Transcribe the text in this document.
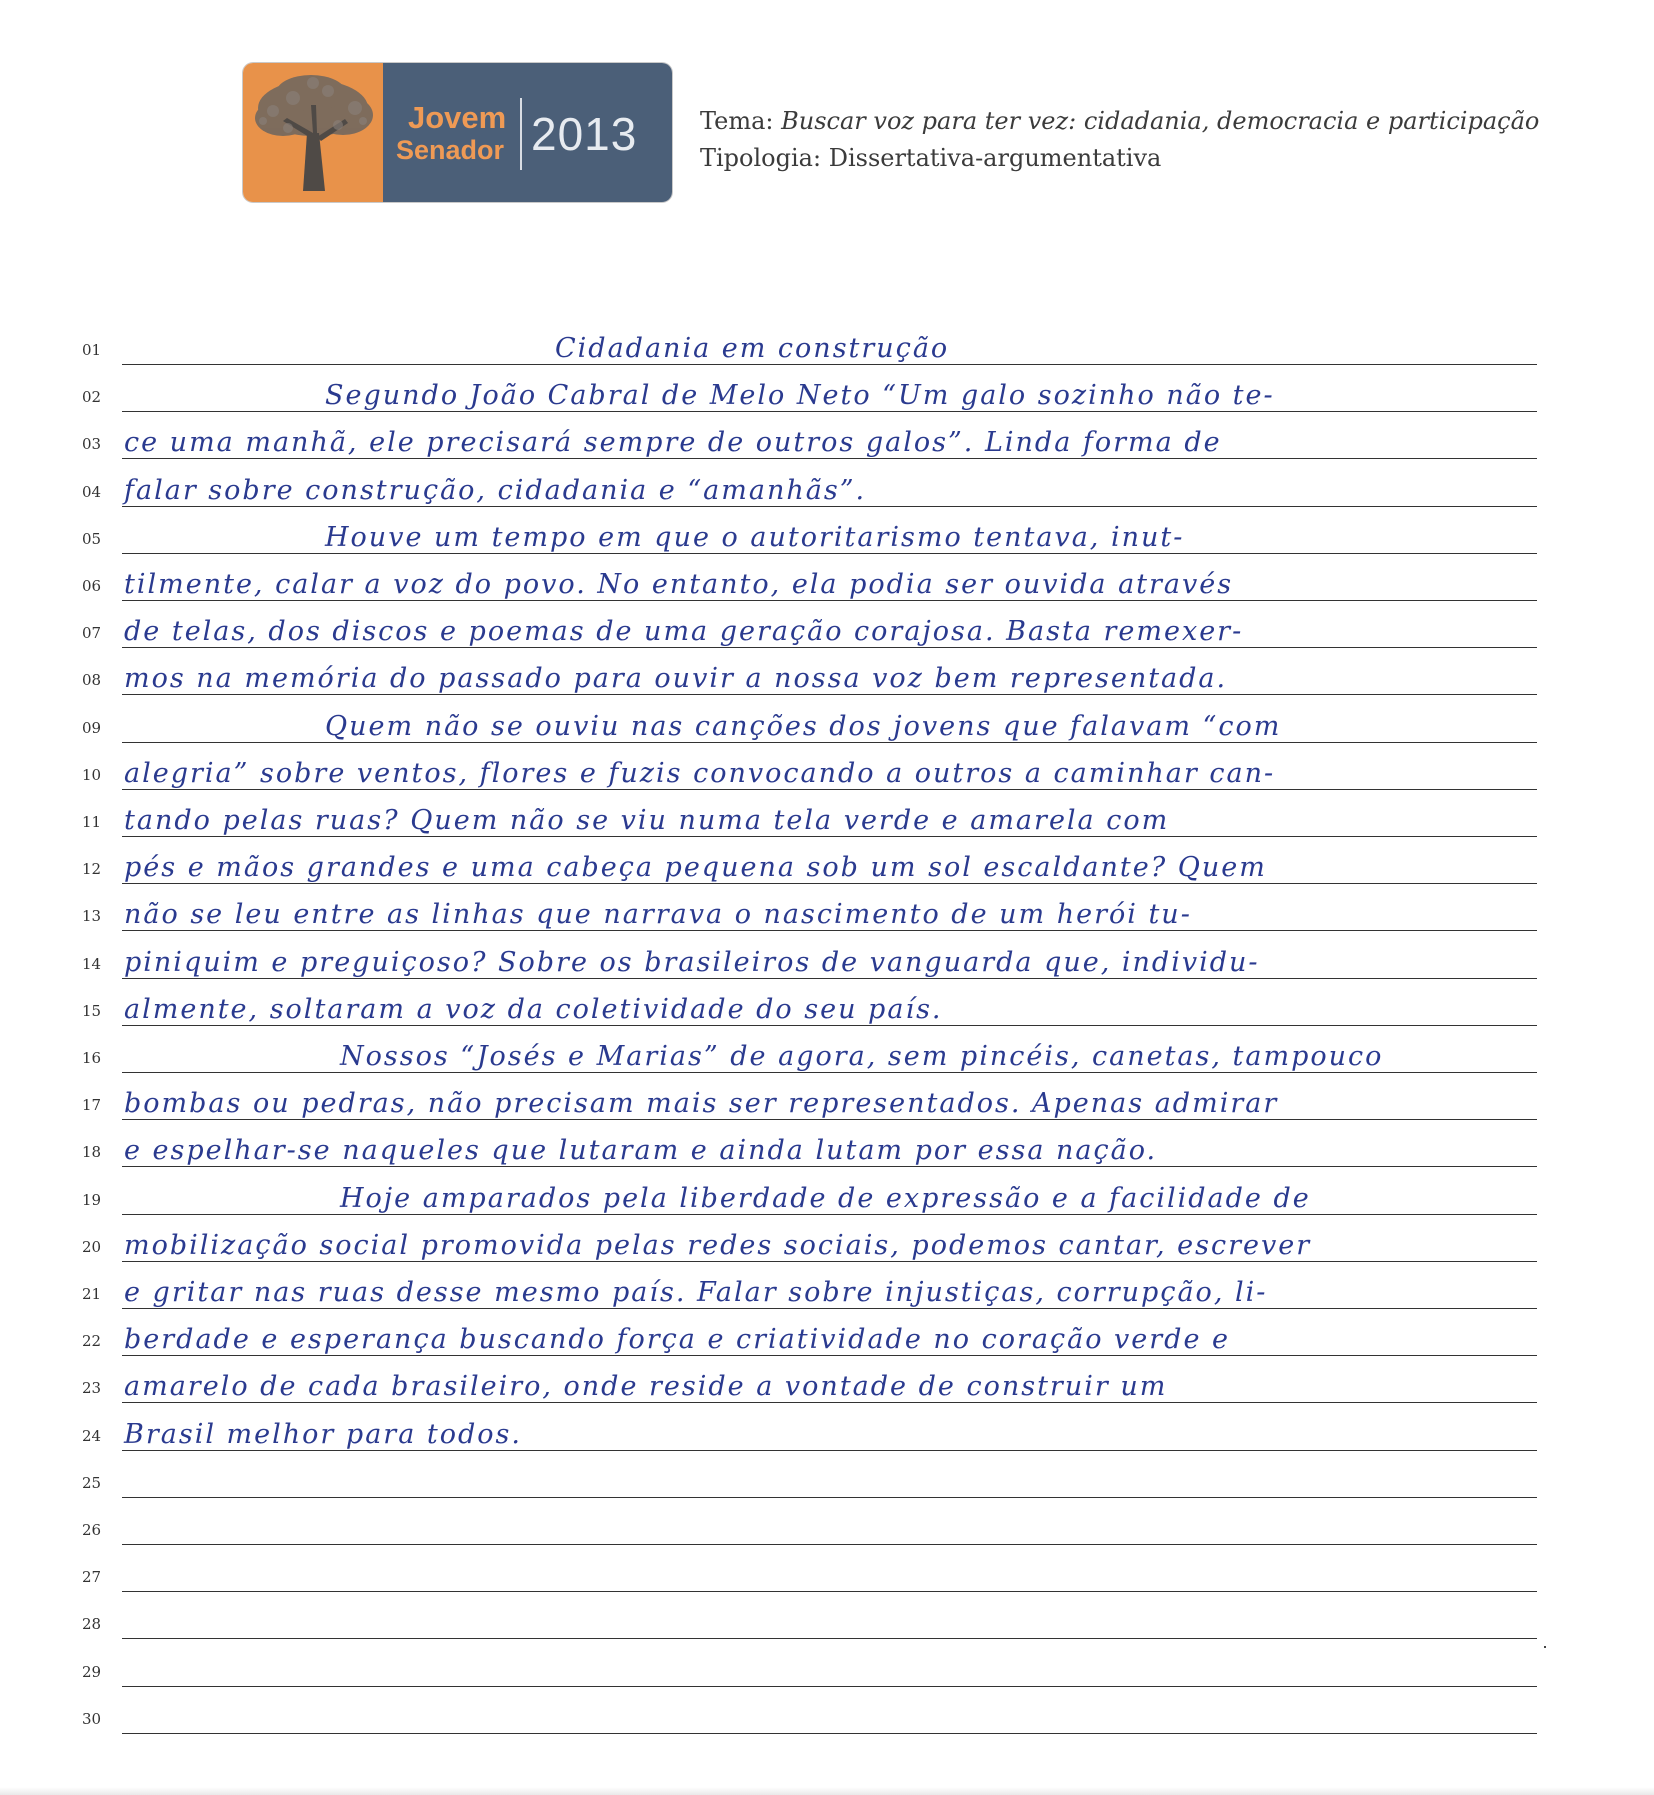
Jovem
Senador 2013	Tema: Buscar voz para ter vez: cidadania, democracia e participação
Tipologia: Dissertativa-argumentativa
01	Cidadania em construção
02	Segundo João Cabral de Melo Neto “Um galo sozinho não te-
03 ce uma manhã, ele precisará sempre de outros galos”. Linda forma de
04 falar sobre construção, cidadania e “amanhãs”.
05	Houve um tempo em que o autoritarismo tentava, inut-
06 tilmente, calar a voz do povo. No entanto, ela podia ser ouvida através
07 de telas, dos discos e poemas de uma geração corajosa. Basta remexer-
08 mos na memória do passado para ouvir a nossa voz bem representada.
09	Quem não se ouviu nas canções dos jovens que falavam “com
10 alegria” sobre ventos, flores e fuzis convocando a outros a caminhar can-
11 tando pelas ruas? Quem não se viu numa tela verde e amarela com
12 pés e mãos grandes e uma cabeça pequena sob um sol escaldante? Quem
13 não se leu entre as linhas que narrava o nascimento de um herói tu-
14 piniquim e preguiçoso? Sobre os brasileiros de vanguarda que, individu-
15 almente, soltaram a voz da coletividade do seu país.
16	Nossos “Josés e Marias” de agora, sem pincéis, canetas, tampouco
17 bombas ou pedras, não precisam mais ser representados. Apenas admirar
18 e espelhar-se naqueles que lutaram e ainda lutam por essa nação.
19	Hoje amparados pela liberdade de expressão e a facilidade de
20 mobilização social promovida pelas redes sociais, podemos cantar, escrever
21 e gritar nas ruas desse mesmo país. Falar sobre injustiças, corrupção, li-
22 berdade e esperança buscando força e criatividade no coração verde e
23 amarelo de cada brasileiro, onde reside a vontade de construir um
24 Brasil melhor para todos.
25
26
27
28
29
30
